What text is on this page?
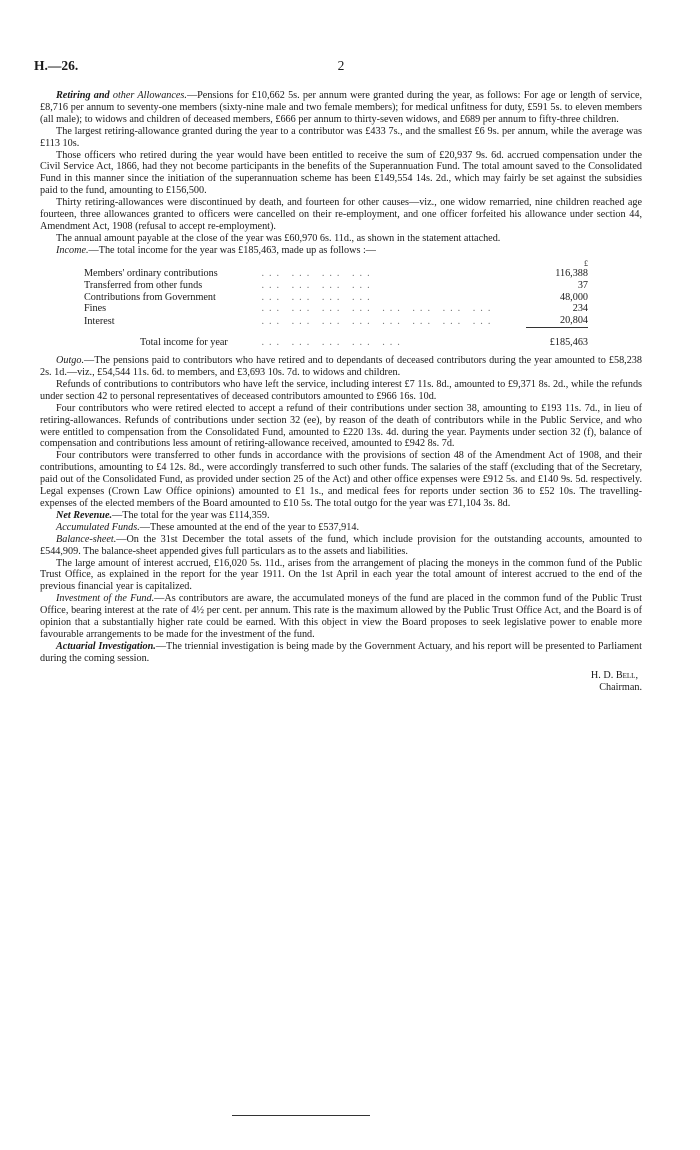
H.—26.	2

Retiring and other Allowances.—Pensions for £10,662 5s. per annum were granted during the year, as follows: For age or length of service, £8,716 per annum to seventy-one members (sixty-nine male and two female members); for medical unfitness for duty, £591 5s. to eleven members (all male); to widows and children of deceased members, £666 per annum to thirty-seven widows, and £689 per annum to fifty-three children.

The largest retiring-allowance granted during the year to a contributor was £433 7s., and the smallest £6 9s. per annum, while the average was £113 10s.

Those officers who retired during the year would have been entitled to receive the sum of £20,937 9s. 6d. accrued compensation under the Civil Service Act, 1866, had they not become participants in the benefits of the Superannuation Fund. The total amount saved to the Consolidated Fund in this manner since the initiation of the superannuation scheme has been £149,554 14s. 2d., which may fairly be set against the subsidies paid to the fund, amounting to £156,500.

Thirty retiring-allowances were discontinued by death, and fourteen for other causes—viz., one widow remarried, nine children reached age fourteen, three allowances granted to officers were cancelled on their re-employment, and one officer forfeited his allowance under section 44, Amendment Act, 1908 (refusal to accept re-employment).

The annual amount payable at the close of the year was £60,970 6s. 11d., as shown in the statement attached.

Income.—The total income for the year was £185,463, made up as follows :—

		£
Members' ordinary contributions	... ... ... ...	116,388
Transferred from other funds	... ... ... ...	37
Contributions from Government	... ... ... ...	48,000
Fines	... ... ... ... ... ... ... ...	234
Interest	... ... ... ... ... ... ... ...	20,804
Total income for year	... ... ... ... ...	£185,463

Outgo.—The pensions paid to contributors who have retired and to dependants of deceased contributors during the year amounted to £58,238 2s. 1d.—viz., £54,544 11s. 6d. to members, and £3,693 10s. 7d. to widows and children.

Refunds of contributions to contributors who have left the service, including interest £7 11s. 8d., amounted to £9,371 8s. 2d., while the refunds under section 42 to personal representatives of deceased contributors amounted to £966 16s. 10d.

Four contributors who were retired elected to accept a refund of their contributions under section 38, amounting to £193 11s. 7d., in lieu of retiring-allowances. Refunds of contributions under section 32 (ee), by reason of the death of contributors while in the Public Service, and who were entitled to compensation from the Consolidated Fund, amounted to £220 13s. 4d. during the year. Payments under section 32 (f), balance of compensation and contributions less amount of retiring-allowance received, amounted to £942 8s. 7d.

Four contributors were transferred to other funds in accordance with the provisions of section 48 of the Amendment Act of 1908, and their contributions, amounting to £4 12s. 8d., were accordingly transferred to such other funds. The salaries of the staff (excluding that of the Secretary, paid out of the Consolidated Fund, as provided under section 25 of the Act) and other office expenses were £912 5s. and £140 9s. 5d. respectively. Legal expenses (Crown Law Office opinions) amounted to £1 1s., and medical fees for reports under section 36 to £52 10s. The travelling-expenses of the elected members of the Board amounted to £10 5s. The total outgo for the year was £71,104 3s. 8d.

Net Revenue.—The total for the year was £114,359.

Accumulated Funds.—These amounted at the end of the year to £537,914.

Balance-sheet.—On the 31st December the total assets of the fund, which include provision for the outstanding accounts, amounted to £544,909. The balance-sheet appended gives full particulars as to the assets and liabilities.

The large amount of interest accrued, £16,020 5s. 11d., arises from the arrangement of placing the moneys in the common fund of the Public Trust Office, as explained in the report for the year 1911. On the 1st April in each year the total amount of interest accrued to the end of the previous financial year is capitalized.

Investment of the Fund.—As contributors are aware, the accumulated moneys of the fund are placed in the common fund of the Public Trust Office, bearing interest at the rate of 4½ per cent. per annum. This rate is the maximum allowed by the Public Trust Office Act, and the Board is of opinion that a substantially higher rate could be earned. With this object in view the Board proposes to seek legislative power to enable more favourable arrangements to be made for the investment of the fund.

Actuarial Investigation.—The triennial investigation is being made by the Government Actuary, and his report will be presented to Parliament during the coming session.

H. D. Bell,
Chairman.
